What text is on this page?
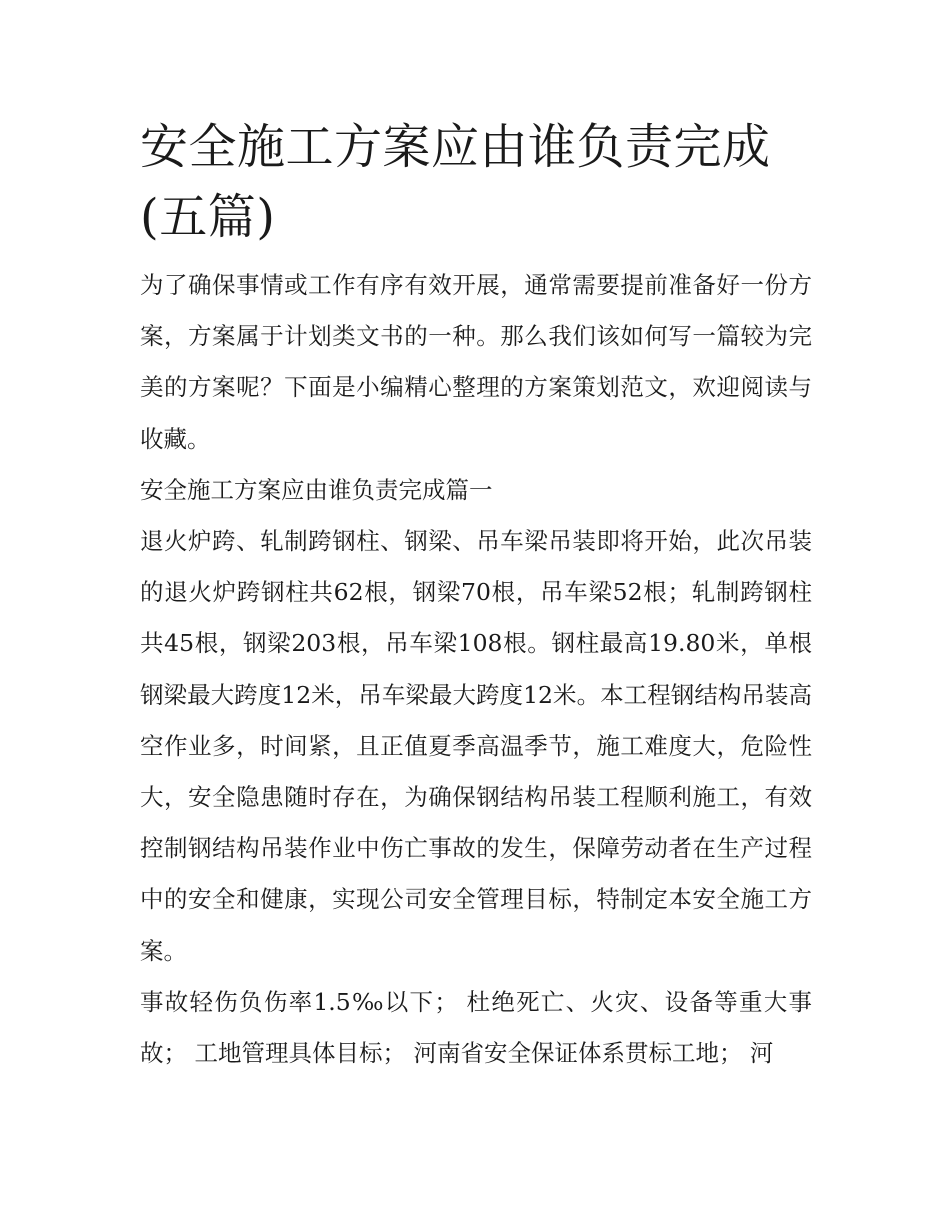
安全施工方案应由谁负责完成
(五篇)

为了确保事情或工作有序有效开展，通常需要提前准备好一份方案，方案属于计划类文书的一种。那么我们该如何写一篇较为完美的方案呢？下面是小编精心整理的方案策划范文，欢迎阅读与收藏。

安全施工方案应由谁负责完成篇一

退火炉跨、轧制跨钢柱、钢梁、吊车梁吊装即将开始，此次吊装的退火炉跨钢柱共62根，钢梁70根，吊车梁52根；轧制跨钢柱共45根，钢梁203根，吊车梁108根。钢柱最高19.80米，单根钢梁最大跨度12米，吊车梁最大跨度12米。本工程钢结构吊装高空作业多，时间紧，且正值夏季高温季节，施工难度大，危险性大，安全隐患随时存在，为确保钢结构吊装工程顺利施工，有效控制钢结构吊装作业中伤亡事故的发生，保障劳动者在生产过程中的安全和健康，实现公司安全管理目标，特制定本安全施工方案。

事故轻伤负伤率1.5‰以下； 杜绝死亡、火灾、设备等重大事故； 工地管理具体目标； 河南省安全保证体系贯标工地； 河
